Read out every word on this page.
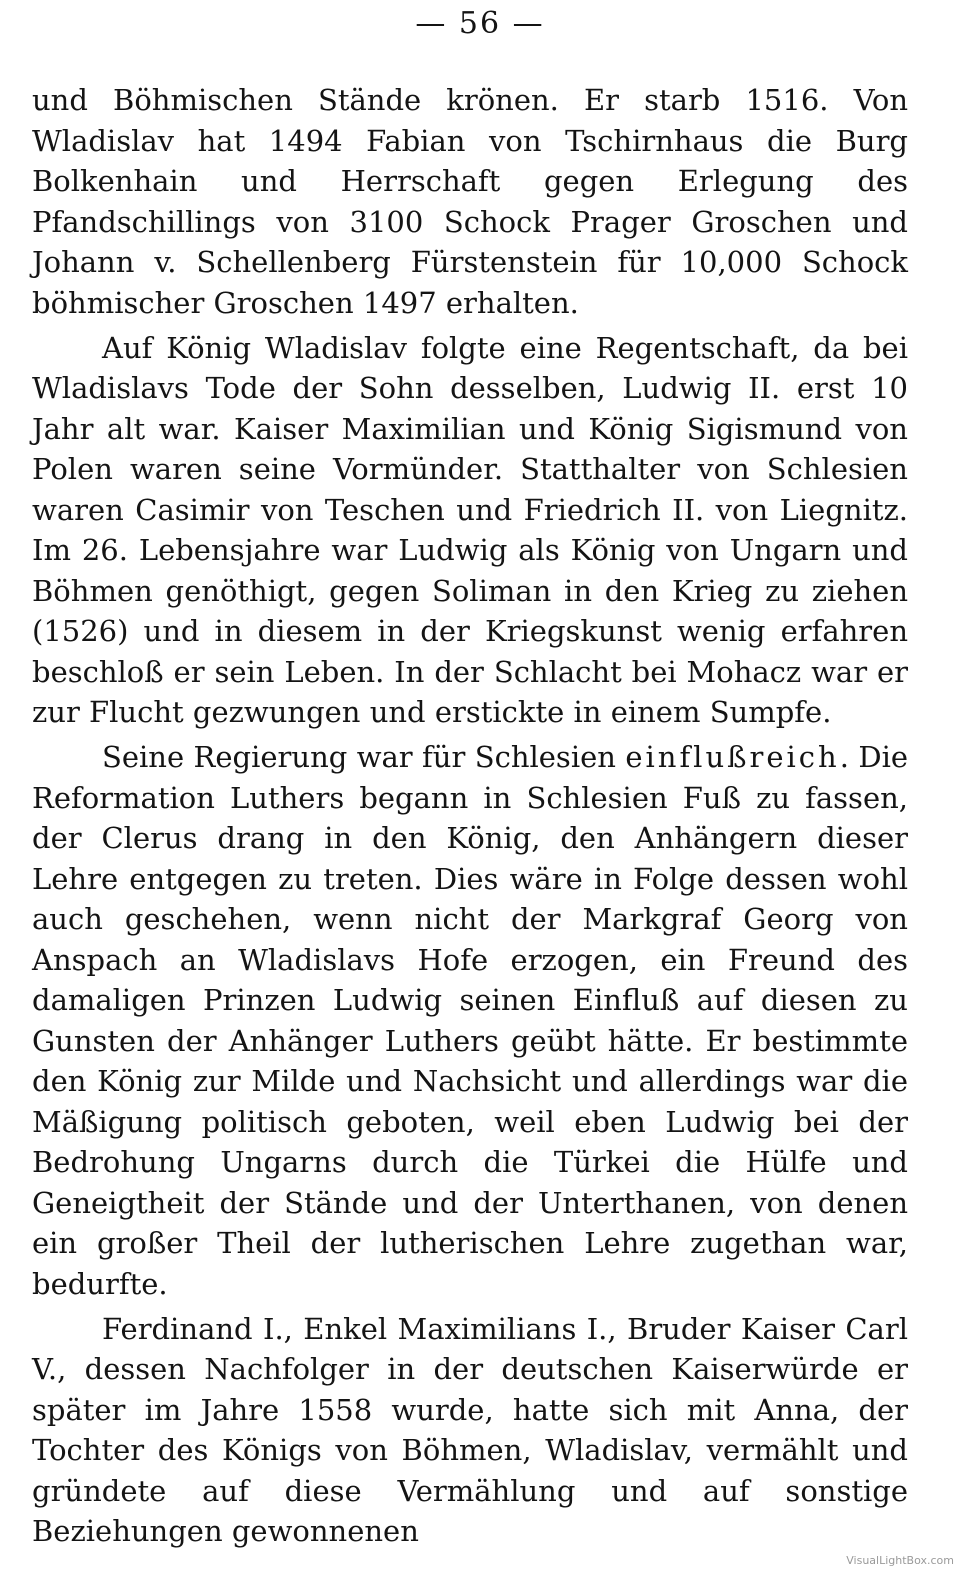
— 56 —

und Böhmischen Stände krönen. Er starb 1516. Von Wladislav hat 1494 Fabian von Tschirnhaus die Burg Bolkenhain und Herrschaft gegen Erlegung des Pfandschillings von 3100 Schock Prager Groschen und Johann v. Schellenberg Fürstenstein für 10,000 Schock böhmischer Groschen 1497 erhalten.

Auf König Wladislav folgte eine Regentschaft, da bei Wladislavs Tode der Sohn desselben, Ludwig II. erst 10 Jahr alt war. Kaiser Maximilian und König Sigismund von Polen waren seine Vormünder. Statthalter von Schlesien waren Casimir von Teschen und Friedrich II. von Liegnitz. Im 26. Lebensjahre war Ludwig als König von Ungarn und Böhmen genöthigt, gegen Soliman in den Krieg zu ziehen (1526) und in diesem in der Kriegskunst wenig erfahren beschloß er sein Leben. In der Schlacht bei Mohacz war er zur Flucht gezwungen und erstickte in einem Sumpfe.

Seine Regierung war für Schlesien einflußreich. Die Reformation Luthers begann in Schlesien Fuß zu fassen, der Clerus drang in den König, den Anhängern dieser Lehre entgegen zu treten. Dies wäre in Folge dessen wohl auch geschehen, wenn nicht der Markgraf Georg von Anspach an Wladislavs Hofe erzogen, ein Freund des damaligen Prinzen Ludwig seinen Einfluß auf diesen zu Gunsten der Anhänger Luthers geübt hätte. Er bestimmte den König zur Milde und Nachsicht und allerdings war die Mäßigung politisch geboten, weil eben Ludwig bei der Bedrohung Ungarns durch die Türkei die Hülfe und Geneigtheit der Stände und der Unterthanen, von denen ein großer Theil der lutherischen Lehre zugethan war, bedurfte.

Ferdinand I., Enkel Maximilians I., Bruder Kaiser Carl V., dessen Nachfolger in der deutschen Kaiserwürde er später im Jahre 1558 wurde, hatte sich mit Anna, der Tochter des Königs von Böhmen, Wladislav, vermählt und gründete auf diese Vermählung und auf sonstige Beziehungen gewonnenen

VisualLightBox.com
